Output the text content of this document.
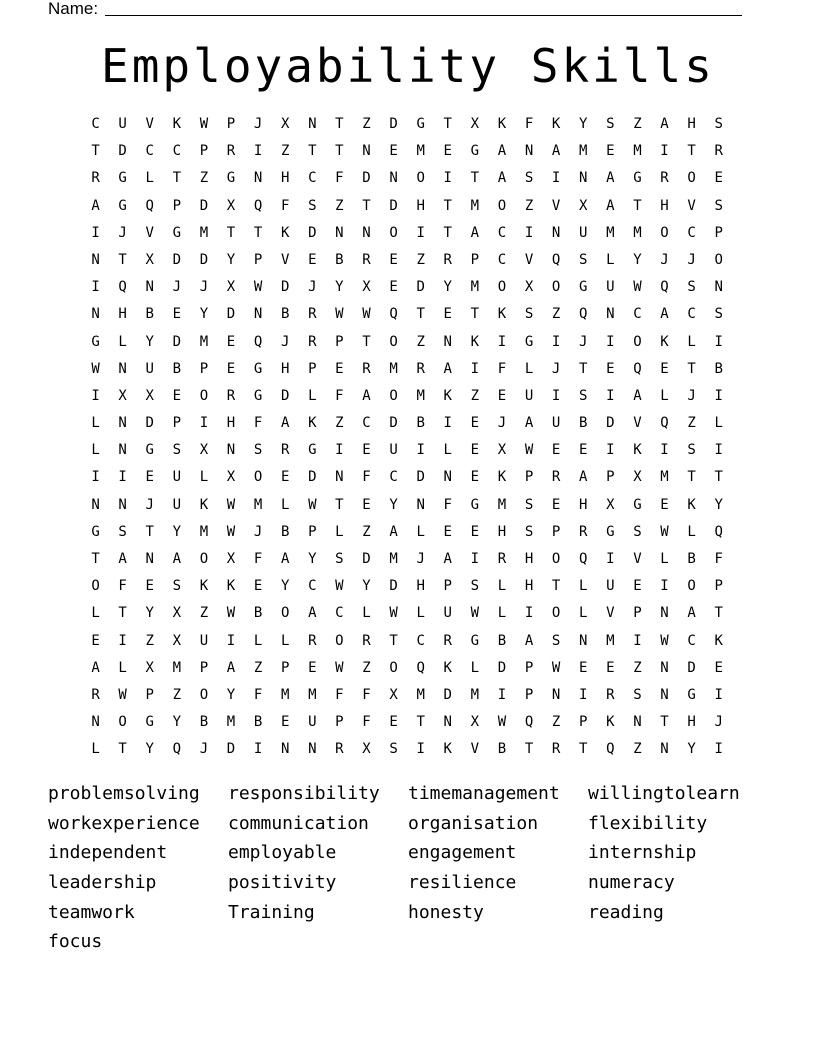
Name:
Employability Skills
C	U	V	K	W	P	J	X	N	T	Z	D	G	T	X	K	F	K	Y	S	Z	A	H	S
T	D	C	C	P	R	I	Z	T	T	N	E	M	E	G	A	N	A	M	E	M	I	T	R
R	G	L	T	Z	G	N	H	C	F	D	N	O	I	T	A	S	I	N	A	G	R	O	E
A	G	Q	P	D	X	Q	F	S	Z	T	D	H	T	M	O	Z	V	X	A	T	H	V	S
I	J	V	G	M	T	T	K	D	N	N	O	I	T	A	C	I	N	U	M	M	O	C	P
N	T	X	D	D	Y	P	V	E	B	R	E	Z	R	P	C	V	Q	S	L	Y	J	J	O
I	Q	N	J	J	X	W	D	J	Y	X	E	D	Y	M	O	X	O	G	U	W	Q	S	N
N	H	B	E	Y	D	N	B	R	W	W	Q	T	E	T	K	S	Z	Q	N	C	A	C	S
G	L	Y	D	M	E	Q	J	R	P	T	O	Z	N	K	I	G	I	J	I	O	K	L	I
W	N	U	B	P	E	G	H	P	E	R	M	R	A	I	F	L	J	T	E	Q	E	T	B
I	X	X	E	O	R	G	D	L	F	A	O	M	K	Z	E	U	I	S	I	A	L	J	I
L	N	D	P	I	H	F	A	K	Z	C	D	B	I	E	J	A	U	B	D	V	Q	Z	L
L	N	G	S	X	N	S	R	G	I	E	U	I	L	E	X	W	E	E	I	K	I	S	I
I	I	E	U	L	X	O	E	D	N	F	C	D	N	E	K	P	R	A	P	X	M	T	T
N	N	J	U	K	W	M	L	W	T	E	Y	N	F	G	M	S	E	H	X	G	E	K	Y
G	S	T	Y	M	W	J	B	P	L	Z	A	L	E	E	H	S	P	R	G	S	W	L	Q
T	A	N	A	O	X	F	A	Y	S	D	M	J	A	I	R	H	O	Q	I	V	L	B	F
O	F	E	S	K	K	E	Y	C	W	Y	D	H	P	S	L	H	T	L	U	E	I	O	P
L	T	Y	X	Z	W	B	O	A	C	L	W	L	U	W	L	I	O	L	V	P	N	A	T
E	I	Z	X	U	I	L	L	R	O	R	T	C	R	G	B	A	S	N	M	I	W	C	K
A	L	X	M	P	A	Z	P	E	W	Z	O	Q	K	L	D	P	W	E	E	Z	N	D	E
R	W	P	Z	O	Y	F	M	M	F	F	X	M	D	M	I	P	N	I	R	S	N	G	I
N	O	G	Y	B	M	B	E	U	P	F	E	T	N	X	W	Q	Z	P	K	N	T	H	J
L	T	Y	Q	J	D	I	N	N	R	X	S	I	K	V	B	T	R	T	Q	Z	N	Y	I
problemsolving	responsibility	timemanagement	willingtolearn
workexperience	communication	organisation	flexibility
independent	employable	engagement	internship
leadership	positivity	resilience	numeracy
teamwork	Training	honesty	reading
focus
